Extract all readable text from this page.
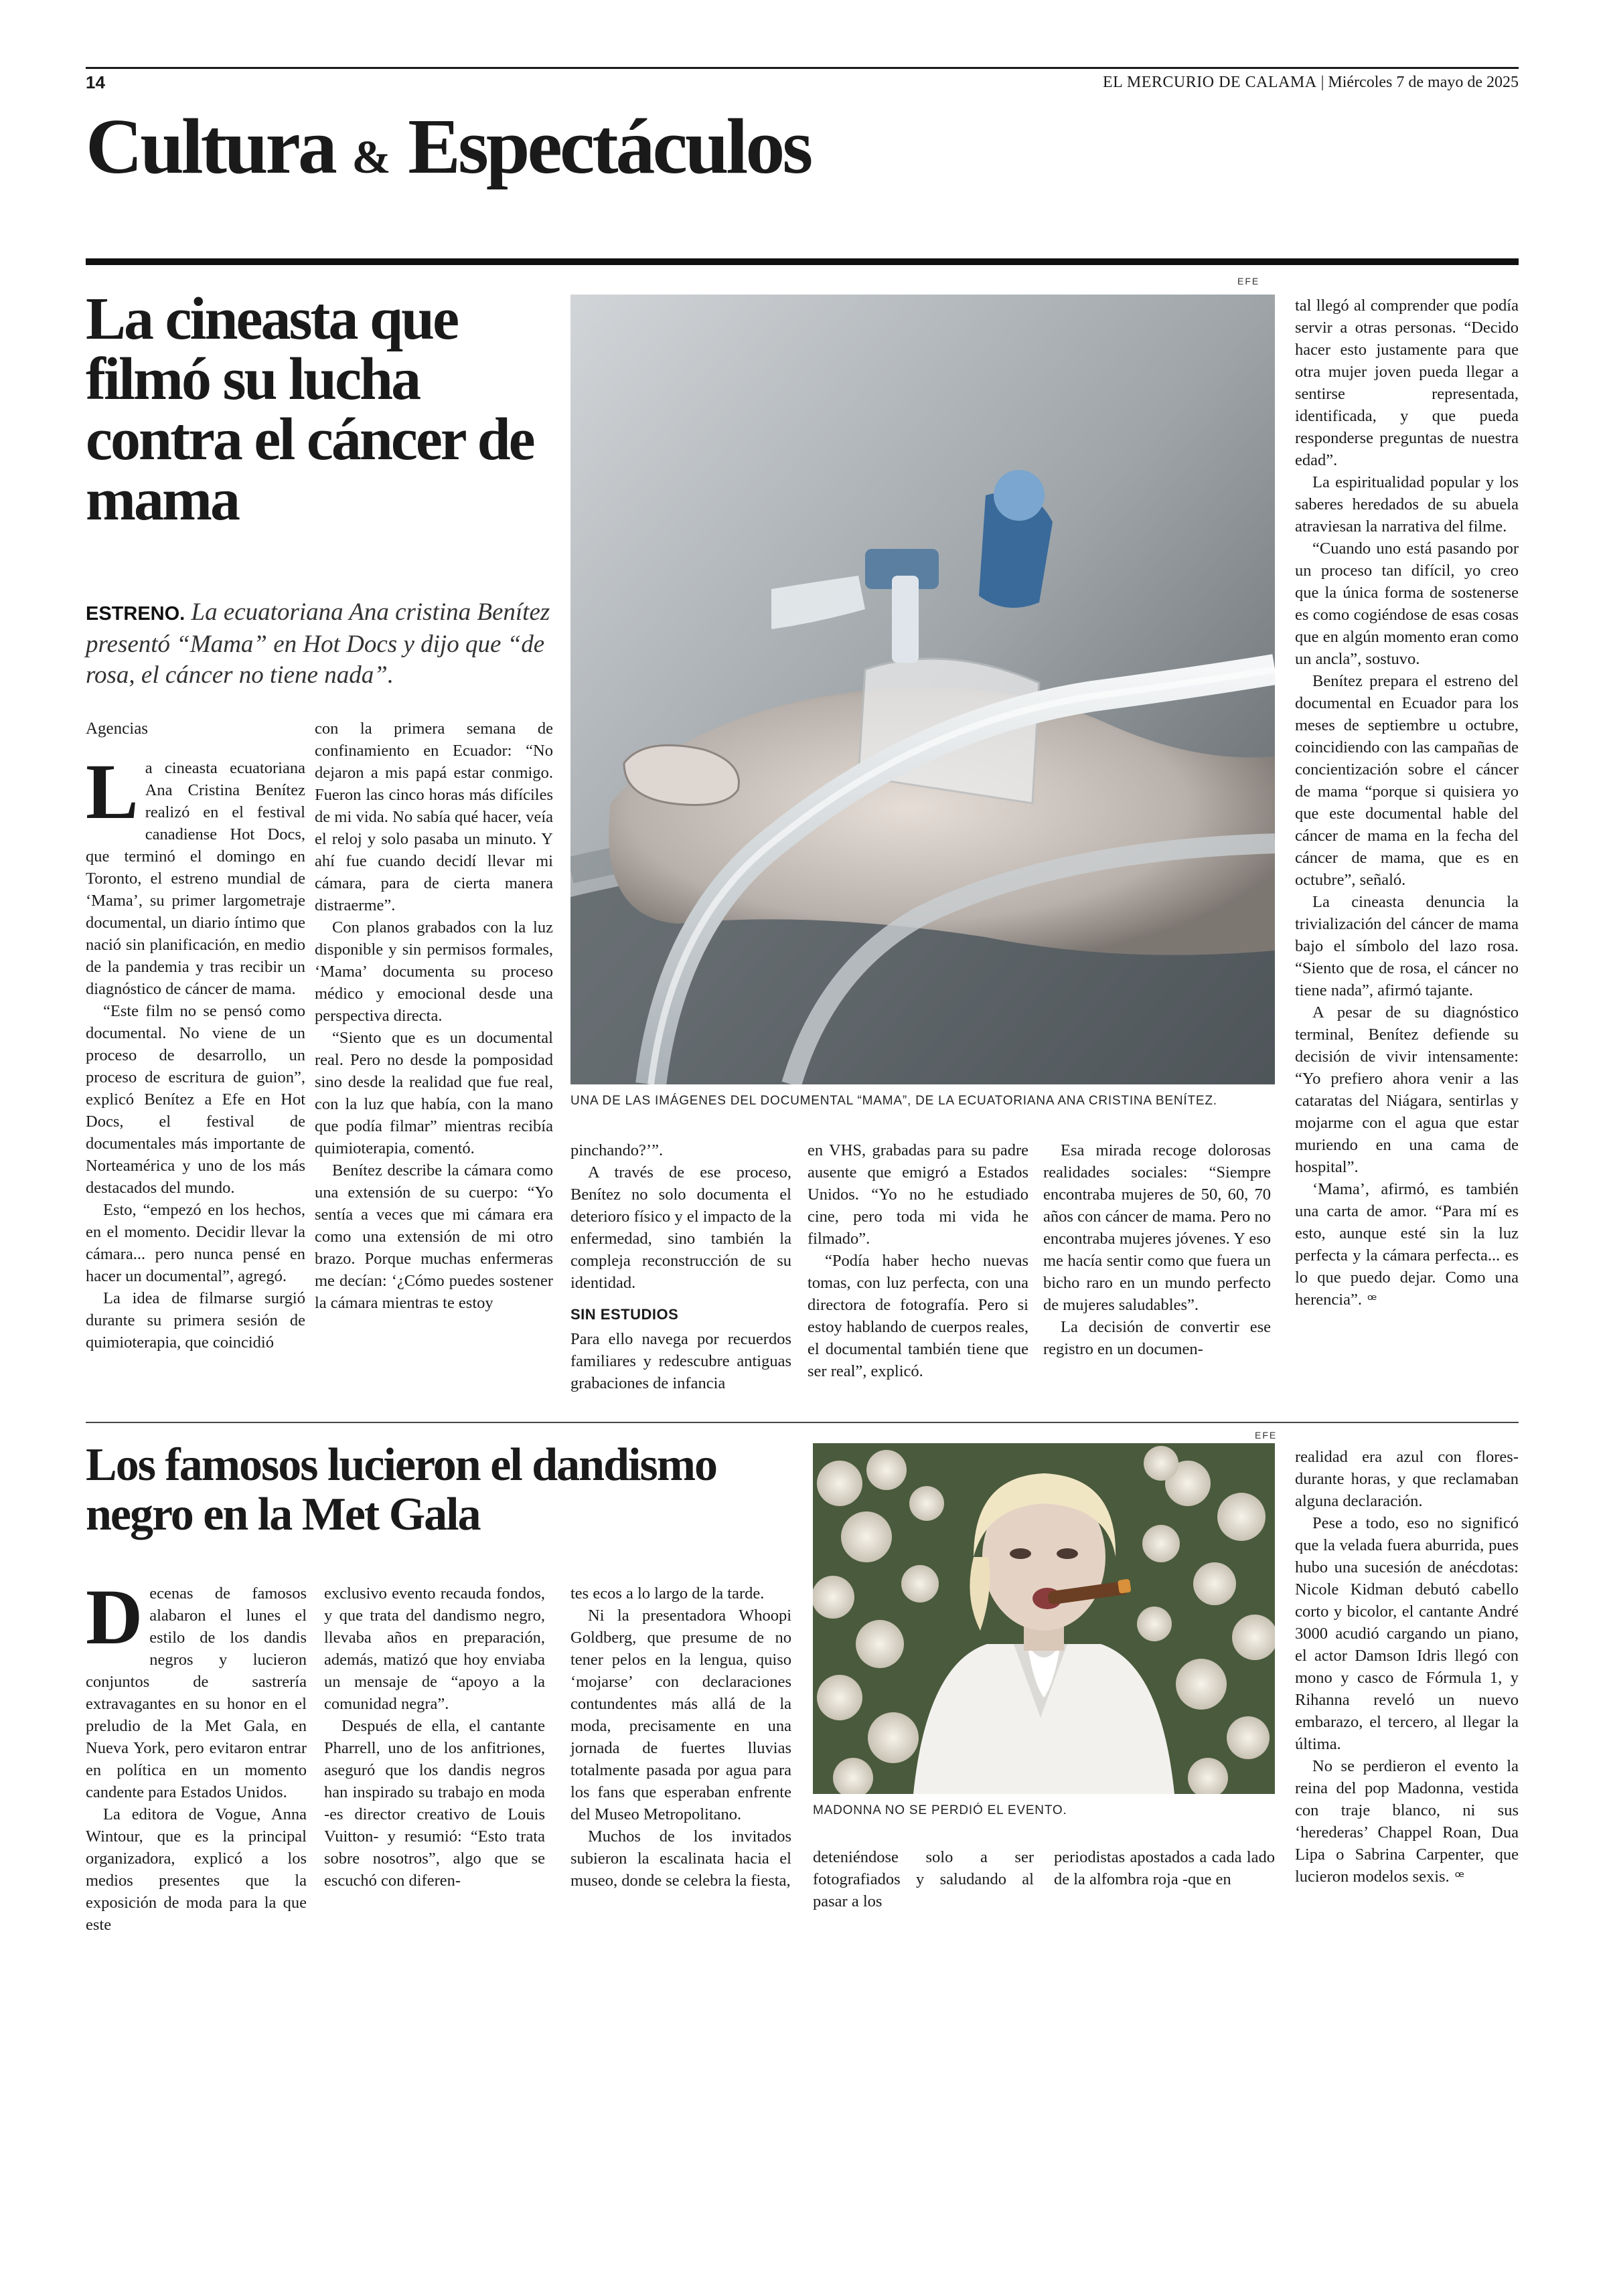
14	EL MERCURIO DE CALAMA | Miércoles 7 de mayo de 2025
Cultura & Espectáculos
La cineasta que filmó su lucha contra el cáncer de mama
ESTRENO. La ecuatoriana Ana cristina Benítez presentó “Mama” en Hot Docs y dijo que “de rosa, el cáncer no tiene nada”.
EFE
UNA DE LAS IMÁGENES DEL DOCUMENTAL “MAMA”, DE LA ECUATORIANA ANA CRISTINA BENÍTEZ.

Agencias

La cineasta ecuatoriana Ana Cristina Benítez realizó en el festival canadiense Hot Docs, que terminó el domingo en Toronto, el estreno mundial de ‘Mama’, su primer largometraje documental, un diario íntimo que nació sin planificación, en medio de la pandemia y tras recibir un diagnóstico de cáncer de mama.

“Este film no se pensó como documental. No viene de un proceso de desarrollo, un proceso de escritura de guion”, explicó Benítez a Efe en Hot Docs, el festival de documentales más importante de Norteamérica y uno de los más destacados del mundo.

Esto, “empezó en los hechos, en el momento. Decidir llevar la cámara... pero nunca pensé en hacer un documental”, agregó.

La idea de filmarse surgió durante su primera sesión de quimioterapia, que coincidió

con la primera semana de confinamiento en Ecuador: “No dejaron a mis papá estar conmigo. Fueron las cinco horas más difíciles de mi vida. No sabía qué hacer, veía el reloj y solo pasaba un minuto. Y ahí fue cuando decidí llevar mi cámara, para de cierta manera distraerme”.

Con planos grabados con la luz disponible y sin permisos formales, ‘Mama’ documenta su proceso médico y emocional desde una perspectiva directa.

“Siento que es un documental real. Pero no desde la pomposidad sino desde la realidad que fue real, con la luz que había, con la mano que podía filmar” mientras recibía quimioterapia, comentó.

Benítez describe la cámara como una extensión de su cuerpo: “Yo sentía a veces que mi cámara era como una extensión de mi otro brazo. Porque muchas enfermeras me decían: ‘¿Cómo puedes sostener la cámara mientras te estoy

pinchando?’”.

A través de ese proceso, Benítez no solo documenta el deterioro físico y el impacto de la enfermedad, sino también la compleja reconstrucción de su identidad.

SIN ESTUDIOS

Para ello navega por recuerdos familiares y redescubre antiguas grabaciones de infancia

en VHS, grabadas para su padre ausente que emigró a Estados Unidos. “Yo no he estudiado cine, pero toda mi vida he filmado”.

“Podía haber hecho nuevas tomas, con luz perfecta, con una directora de fotografía. Pero si estoy hablando de cuerpos reales, el documental también tiene que ser real”, explicó.

Esa mirada recoge dolorosas realidades sociales: “Siempre encontraba mujeres de 50, 60, 70 años con cáncer de mama. Pero no encontraba mujeres jóvenes. Y eso me hacía sentir como que fuera un bicho raro en un mundo perfecto de mujeres saludables”.

La decisión de convertir ese registro en un documen-

tal llegó al comprender que podía servir a otras personas. “Decido hacer esto justamente para que otra mujer joven pueda llegar a sentirse representada, identificada, y que pueda responderse preguntas de nuestra edad”.

La espiritualidad popular y los saberes heredados de su abuela atraviesan la narrativa del filme.

“Cuando uno está pasando por un proceso tan difícil, yo creo que la única forma de sostenerse es como cogiéndose de esas cosas que en algún momento eran como un ancla”, sostuvo.

Benítez prepara el estreno del documental en Ecuador para los meses de septiembre u octubre, coincidiendo con las campañas de concientización sobre el cáncer de mama “porque si quisiera yo que este documental hable del cáncer de mama en la fecha del cáncer de mama, que es en octubre”, señaló.

La cineasta denuncia la trivialización del cáncer de mama bajo el símbolo del lazo rosa. “Siento que de rosa, el cáncer no tiene nada”, afirmó tajante.

A pesar de su diagnóstico terminal, Benítez defiende su decisión de vivir intensamente: “Yo prefiero ahora venir a las cataratas del Niágara, sentirlas y mojarme con el agua que estar muriendo en una cama de hospital”.

‘Mama’, afirmó, es también una carta de amor. “Para mí es esto, aunque esté sin la luz perfecta y la cámara perfecta... es lo que puedo dejar. Como una herencia”. ꟹ

Los famosos lucieron el dandismo negro en la Met Gala
EFE
MADONNA NO SE PERDIÓ EL EVENTO.

Decenas de famosos alabaron el lunes el estilo de los dandis negros y lucieron conjuntos de sastrería extravagantes en su honor en el preludio de la Met Gala, en Nueva York, pero evitaron entrar en política en un momento candente para Estados Unidos.

La editora de Vogue, Anna Wintour, que es la principal organizadora, explicó a los medios presentes que la exposición de moda para la que este

exclusivo evento recauda fondos, y que trata del dandismo negro, llevaba años en preparación, además, matizó que hoy enviaba un mensaje de “apoyo a la comunidad negra”.

Después de ella, el cantante Pharrell, uno de los anfitriones, aseguró que los dandis negros han inspirado su trabajo en moda -es director creativo de Louis Vuitton- y resumió: “Esto trata sobre nosotros”, algo que se escuchó con diferen-

tes ecos a lo largo de la tarde.

Ni la presentadora Whoopi Goldberg, que presume de no tener pelos en la lengua, quiso ‘mojarse’ con declaraciones contundentes más allá de la moda, precisamente en una jornada de fuertes lluvias totalmente pasada por agua para los fans que esperaban enfrente del Museo Metropolitano.

Muchos de los invitados subieron la escalinata hacia el museo, donde se celebra la fiesta,

deteniéndose solo a ser fotografiados y saludando al pasar a los

periodistas apostados a cada lado de la alfombra roja -que en

realidad era azul con flores- durante horas, y que reclamaban alguna declaración.

Pese a todo, eso no significó que la velada fuera aburrida, pues hubo una sucesión de anécdotas: Nicole Kidman debutó cabello corto y bicolor, el cantante André 3000 acudió cargando un piano, el actor Damson Idris llegó con mono y casco de Fórmula 1, y Rihanna reveló un nuevo embarazo, el tercero, al llegar la última.

No se perdieron el evento la reina del pop Madonna, vestida con traje blanco, ni sus ‘herederas’ Chappel Roan, Dua Lipa o Sabrina Carpenter, que lucieron modelos sexis. ꟹ
